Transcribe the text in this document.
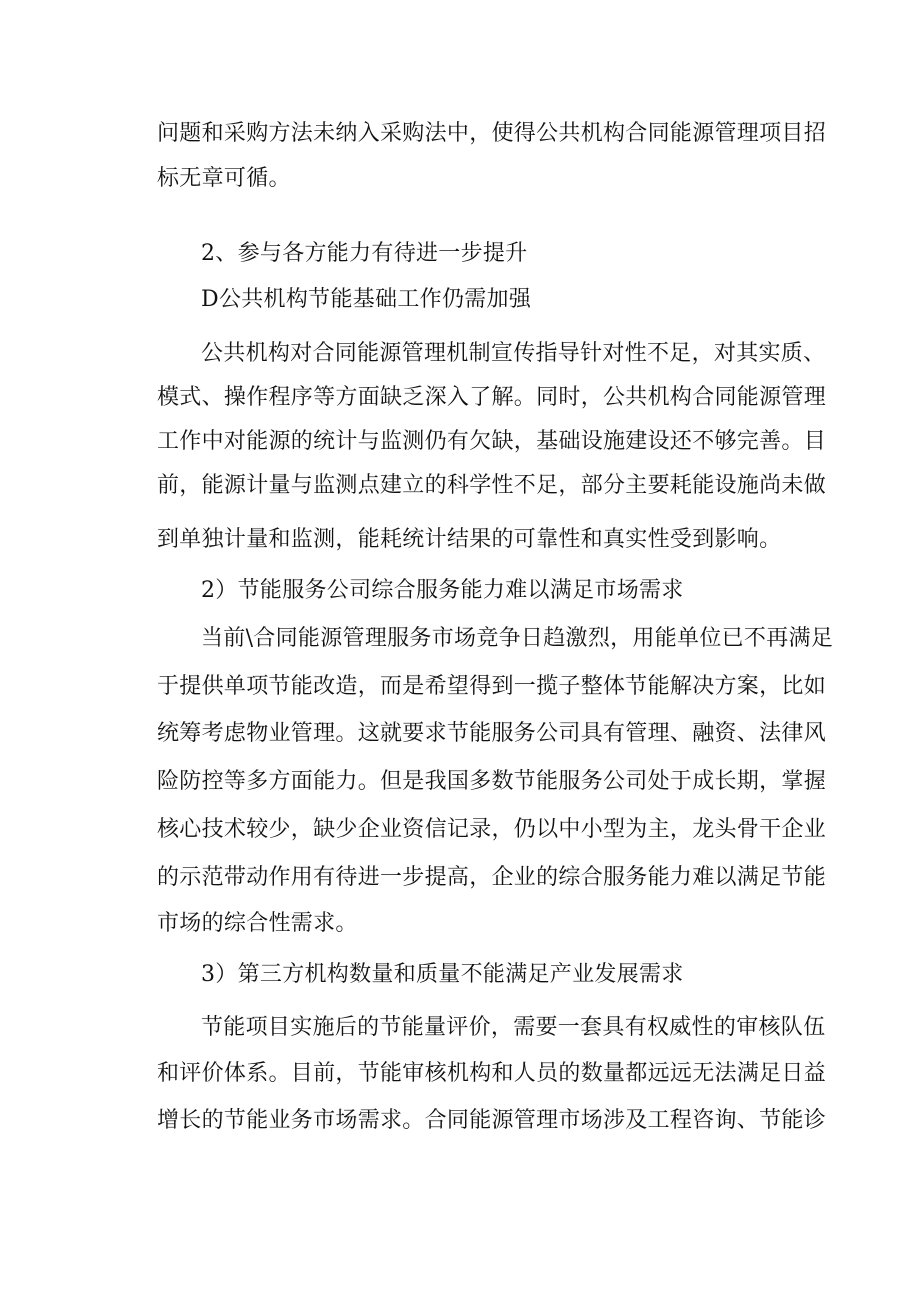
问题和采购方法未纳入采购法中，使得公共机构合同能源管理项目招
标无章可循。
2、参与各方能力有待进一步提升
D公共机构节能基础工作仍需加强
公共机构对合同能源管理机制宣传指导针对性不足，对其实质、
模式、操作程序等方面缺乏深入了解。同时，公共机构合同能源管理
工作中对能源的统计与监测仍有欠缺，基础设施建设还不够完善。目
前，能源计量与监测点建立的科学性不足，部分主要耗能设施尚未做
到单独计量和监测，能耗统计结果的可靠性和真实性受到影响。
2）节能服务公司综合服务能力难以满足市场需求
当前\合同能源管理服务市场竞争日趋激烈，用能单位已不再满足
于提供单项节能改造，而是希望得到一揽子整体节能解决方案，比如
统筹考虑物业管理。这就要求节能服务公司具有管理、融资、法律风
险防控等多方面能力。但是我国多数节能服务公司处于成长期，掌握
核心技术较少，缺少企业资信记录，仍以中小型为主，龙头骨干企业
的示范带动作用有待进一步提高，企业的综合服务能力难以满足节能
市场的综合性需求。
3）第三方机构数量和质量不能满足产业发展需求
节能项目实施后的节能量评价，需要一套具有权威性的审核队伍
和评价体系。目前，节能审核机构和人员的数量都远远无法满足日益
增长的节能业务市场需求。合同能源管理市场涉及工程咨询、节能诊
